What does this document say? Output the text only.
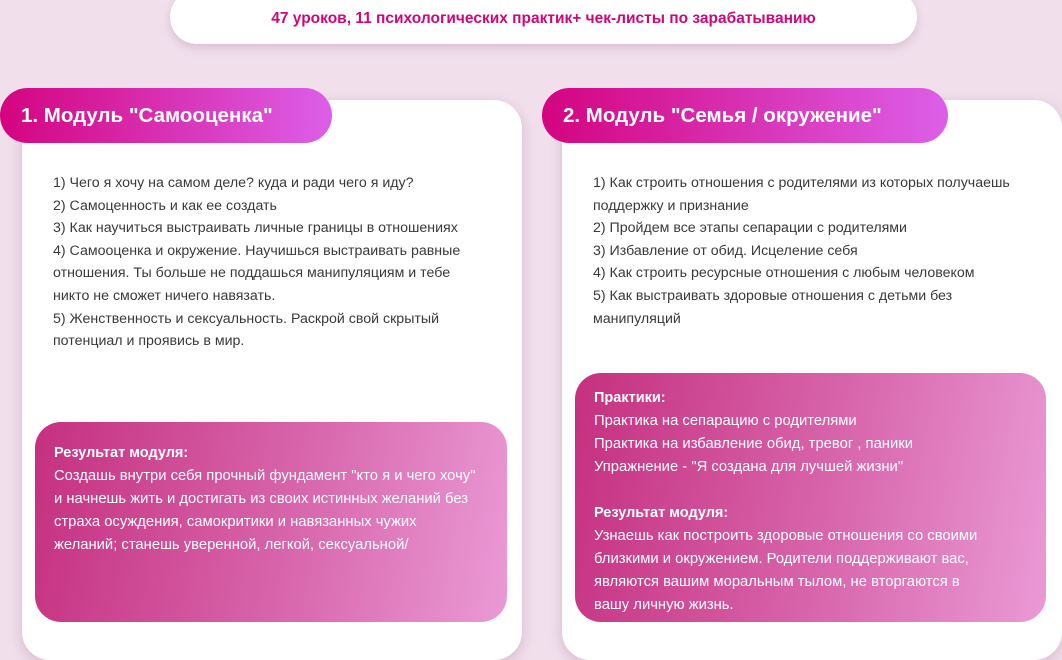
47 уроков, 11 психологических практик+ чек-листы по зарабатыванию
1. Модуль "Самооценка"
1) Чего я хочу на самом деле? куда и ради чего я иду?
2) Самоценность и как ее создать
3) Как научиться выстраивать личные границы в отношениях
4) Самооценка и окружение. Научишься выстраивать равные отношения. Ты больше не поддашься манипуляциям и тебе никто не сможет ничего навязать.
5) Женственность и сексуальность. Раскрой свой скрытый потенциал и проявись в мир.
Результат модуля:
Создашь внутри себя прочный фундамент "кто я и чего хочу" и начнешь жить и достигать из своих истинных желаний без страха осуждения, самокритики и навязанных чужих желаний; станешь уверенной, легкой, сексуальной/
2. Модуль "Семья / окружение"
1) Как строить отношения с родителями из которых получаешь поддержку и признание
2) Пройдем все этапы сепарации с родителями
3) Избавление от обид. Исцеление себя
4) Как строить ресурсные отношения с любым человеком
5) Как выстраивать здоровые отношения с детьми без манипуляций
Практики:
Практика на сепарацию с родителями
Практика на избавление обид, тревог , паники
Упражнение - "Я создана для лучшей жизни"
Результат модуля:
Узнаешь как построить здоровые отношения со своими близкими и окружением. Родители поддерживают вас, являются вашим моральным тылом, не вторгаются в вашу личную жизнь.
